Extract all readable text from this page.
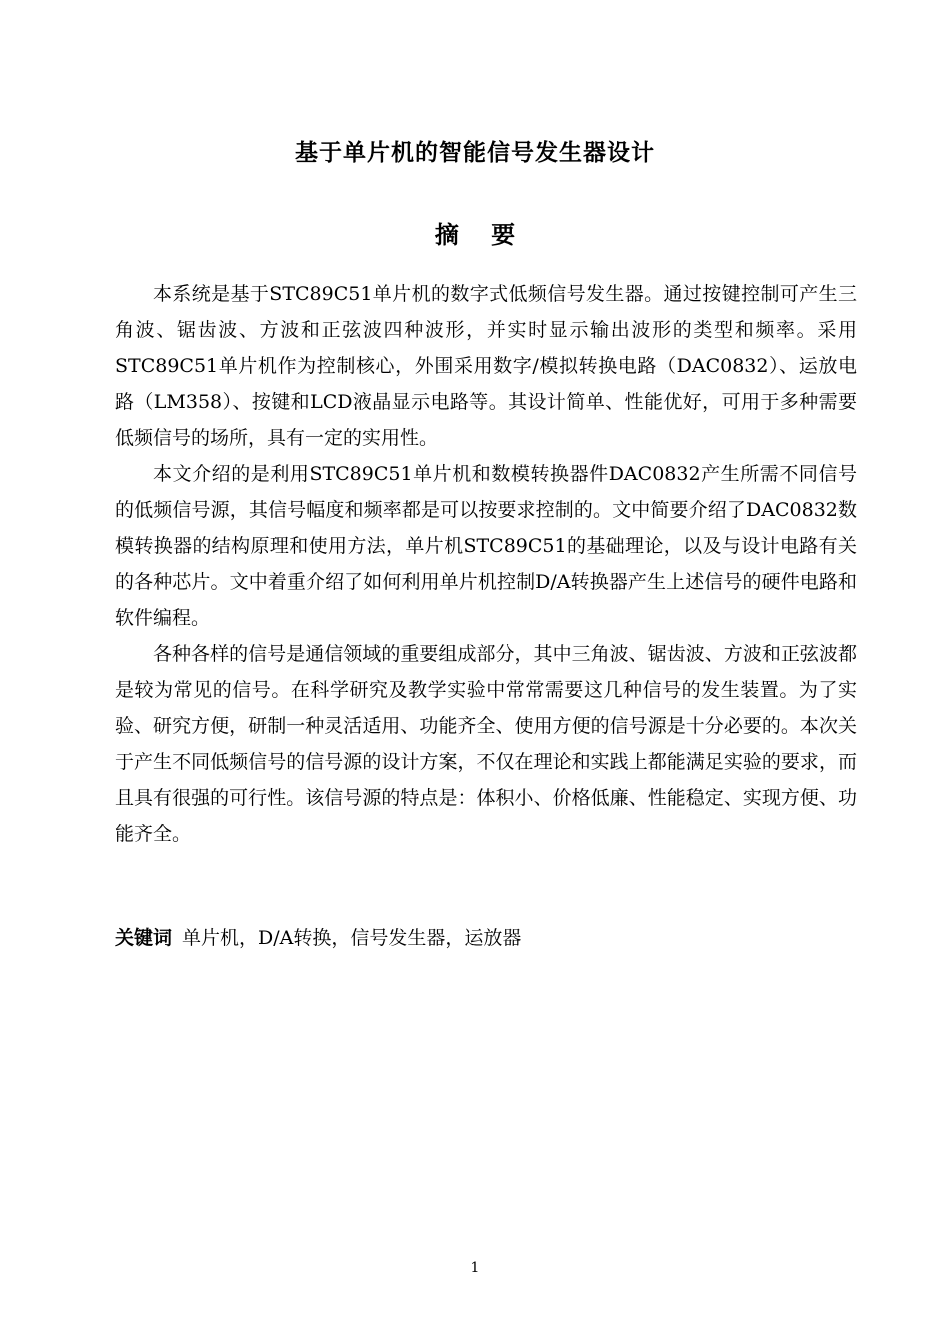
基于单片机的智能信号发生器设计
摘 要

本系统是基于STC89C51单片机的数字式低频信号发生器。通过按键控制可产生三角波、锯齿波、方波和正弦波四种波形，并实时显示输出波形的类型和频率。采用STC89C51单片机作为控制核心，外围采用数字/模拟转换电路（DAC0832）、运放电路（LM358）、按键和LCD液晶显示电路等。其设计简单、性能优好，可用于多种需要低频信号的场所，具有一定的实用性。

本文介绍的是利用STC89C51单片机和数模转换器件DAC0832产生所需不同信号的低频信号源，其信号幅度和频率都是可以按要求控制的。文中简要介绍了DAC0832数模转换器的结构原理和使用方法，单片机STC89C51的基础理论，以及与设计电路有关的各种芯片。文中着重介绍了如何利用单片机控制D/A转换器产生上述信号的硬件电路和软件编程。

各种各样的信号是通信领域的重要组成部分，其中三角波、锯齿波、方波和正弦波都是较为常见的信号。在科学研究及教学实验中常常需要这几种信号的发生装置。为了实验、研究方便，研制一种灵活适用、功能齐全、使用方便的信号源是十分必要的。本次关于产生不同低频信号的信号源的设计方案，不仅在理论和实践上都能满足实验的要求，而且具有很强的可行性。该信号源的特点是：体积小、价格低廉、性能稳定、实现方便、功能齐全。

关键词 单片机，D/A转换，信号发生器，运放器
1
